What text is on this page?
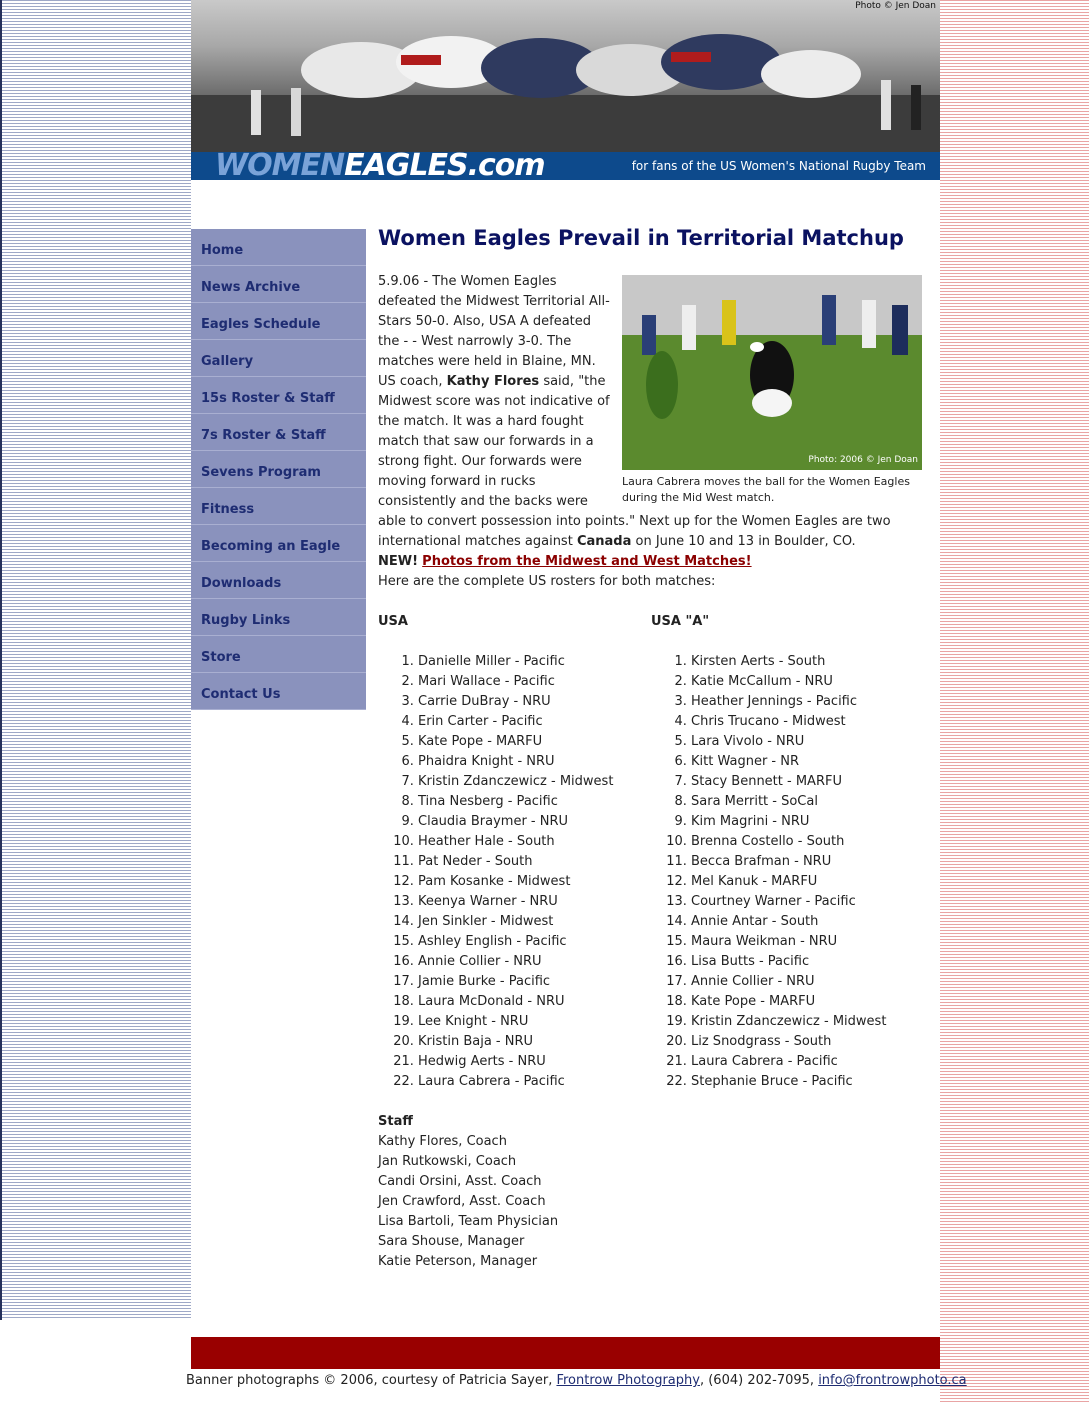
Photo © Jen Doan
WOMENEAGLES.com	for fans of the US Women's National Rugby Team
Home
News Archive
Eagles Schedule
Gallery
15s Roster & Staff
7s Roster & Staff
Sevens Program
Fitness
Becoming an Eagle
Downloads
Rugby Links
Store
Contact Us
Women Eagles Prevail in Territorial Matchup
Photo: 2006 © Jen Doan
Laura Cabrera moves the ball for the Women Eagles during the Mid West match.
5.9.06 - The Women Eagles defeated the Midwest Territorial All-Stars 50-0. Also, USA A defeated the - - West narrowly 3-0. The matches were held in Blaine, MN. US coach, Kathy Flores said, "the Midwest score was not indicative of the match. It was a hard fought match that saw our forwards in a strong fight. Our forwards were moving forward in rucks consistently and the backs were able to convert possession into points." Next up for the Women Eagles are two international matches against Canada on June 10 and 13 in Boulder, CO.
NEW! Photos from the Midwest and West Matches!
Here are the complete US rosters for both matches:
USA
1. Danielle Miller - Pacific
2. Mari Wallace - Pacific
3. Carrie DuBray - NRU
4. Erin Carter - Pacific
5. Kate Pope - MARFU
6. Phaidra Knight - NRU
7. Kristin Zdanczewicz - Midwest
8. Tina Nesberg - Pacific
9. Claudia Braymer - NRU
10. Heather Hale - South
11. Pat Neder - South
12. Pam Kosanke - Midwest
13. Keenya Warner - NRU
14. Jen Sinkler - Midwest
15. Ashley English - Pacific
16. Annie Collier - NRU
17. Jamie Burke - Pacific
18. Laura McDonald - NRU
19. Lee Knight - NRU
20. Kristin Baja - NRU
21. Hedwig Aerts - NRU
22. Laura Cabrera - Pacific
USA "A"
1. Kirsten Aerts - South
2. Katie McCallum - NRU
3. Heather Jennings - Pacific
4. Chris Trucano - Midwest
5. Lara Vivolo - NRU
6. Kitt Wagner - NR
7. Stacy Bennett - MARFU
8. Sara Merritt - SoCal
9. Kim Magrini - NRU
10. Brenna Costello - South
11. Becca Brafman - NRU
12. Mel Kanuk - MARFU
13. Courtney Warner - Pacific
14. Annie Antar - South
15. Maura Weikman - NRU
16. Lisa Butts - Pacific
17. Annie Collier - NRU
18. Kate Pope - MARFU
19. Kristin Zdanczewicz - Midwest
20. Liz Snodgrass - South
21. Laura Cabrera - Pacific
22. Stephanie Bruce - Pacific
Staff
Kathy Flores, Coach
Jan Rutkowski, Coach
Candi Orsini, Asst. Coach
Jen Crawford, Asst. Coach
Lisa Bartoli, Team Physician
Sara Shouse, Manager
Katie Peterson, Manager
Banner photographs © 2006, courtesy of Patricia Sayer, Frontrow Photography, (604) 202-7095, info@frontrowphoto.ca
